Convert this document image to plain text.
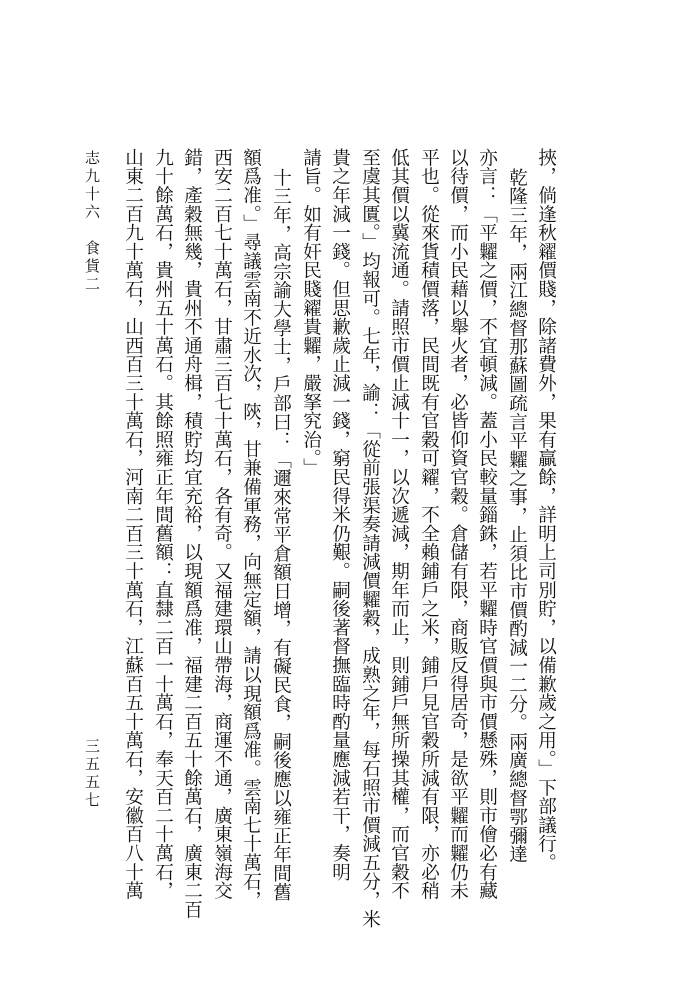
挾，倘逢秋糴價賤，除諸費外，果有贏餘，詳明上司別貯，以備歉歲之用。」下部議行。
乾隆三年，兩江總督那蘇圖疏言平糶之事，止須比市價酌減一二分。兩廣總督鄂彌達
亦言：「平糶之價，不宜頓減。蓋小民較量錙銖，若平糶時官價與市價懸殊，則市儈必有藏
以待價，而小民藉以舉火者，必皆仰資官穀。倉儲有限，商販反得居奇，是欲平糶而糶仍未
平也。從來貨積價落，民間既有官穀可糴，不全賴鋪戶之米，鋪戶見官穀所減有限，亦必稍
低其價以冀流通。請照市價止減十一，以次遞減，期年而止，則鋪戶無所操其權，而官穀不
至虞其匱。」均報可。七年，諭：「從前張渠奏請減價糶穀，成熟之年，每石照市價減五分，米
貴之年減一錢。但思歉歲止減一錢，窮民得米仍艱。嗣後著督撫臨時酌量應減若干，奏明
請旨。如有奸民賤糴貴糶，嚴拏究治。」
十三年，高宗諭大學士，戶部曰：「邇來常平倉額日增，有礙民食，嗣後應以雍正年間舊
額爲准。」尋議雲南不近水次，陝，甘兼備軍務，向無定額，請以現額爲准。雲南七十萬石，
西安二百七十萬石，甘肅三百七十萬石，各有奇。又福建環山帶海，商運不通，廣東嶺海交
錯，產穀無幾，貴州不通舟楫，積貯均宜充裕，以現額爲准，福建二百五十餘萬石，廣東二百
九十餘萬石，貴州五十萬石。其餘照雍正年間舊額：直隸二百一十萬石，奉天百二十萬石，
山東二百九十萬石，山西百三十萬石，河南二百三十萬石，江蘇百五十萬石，安徽百八十萬
志九十六　食貨二
三五五七
